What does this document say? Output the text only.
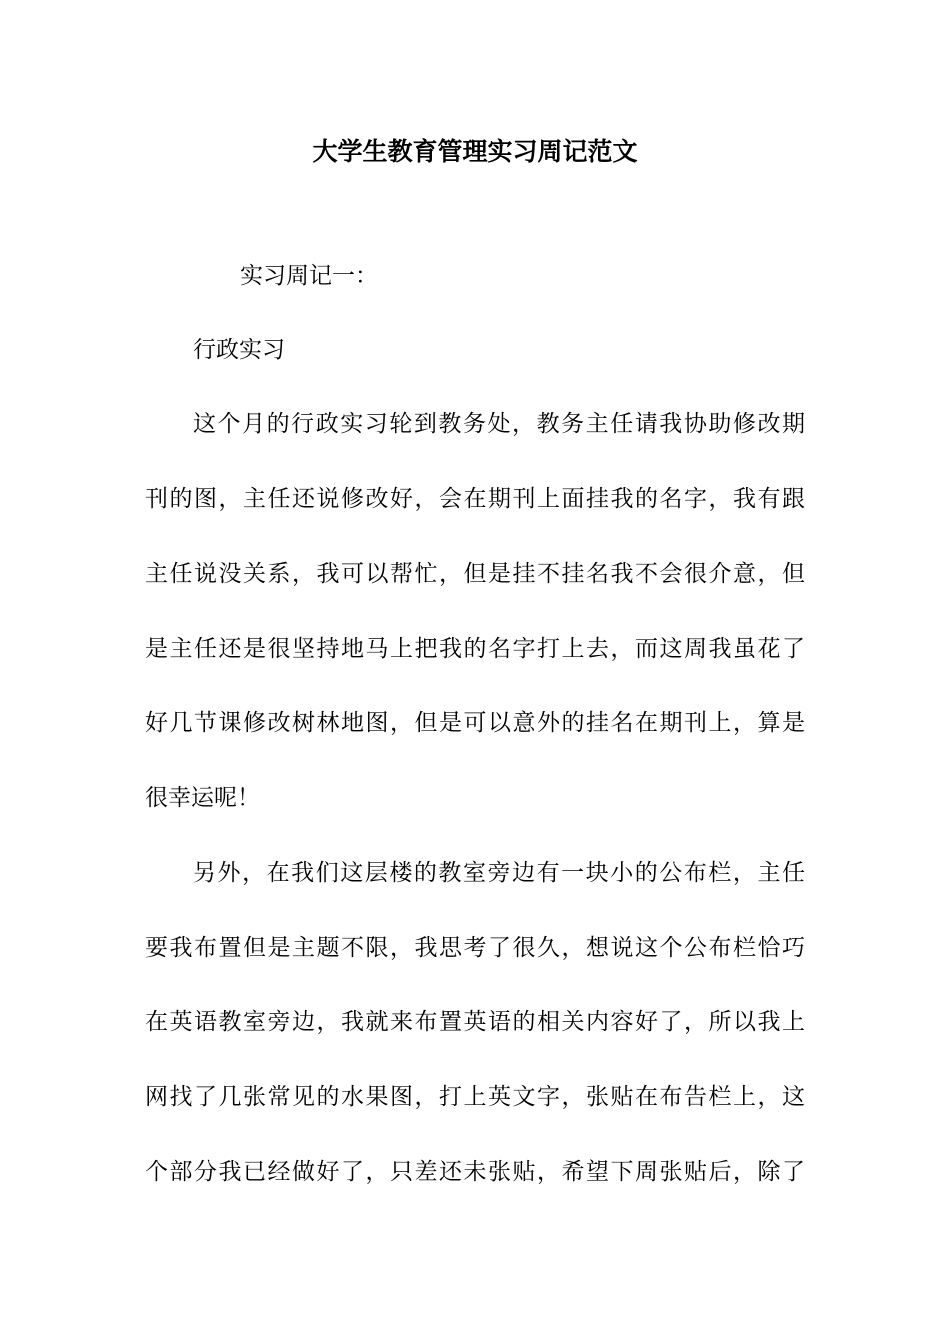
大学生教育管理实习周记范文
实习周记一：
行政实习
这个月的行政实习轮到教务处，教务主任请我协助修改期
刊的图，主任还说修改好，会在期刊上面挂我的名字，我有跟
主任说没关系，我可以帮忙，但是挂不挂名我不会很介意，但
是主任还是很坚持地马上把我的名字打上去，而这周我虽花了
好几节课修改树林地图，但是可以意外的挂名在期刊上，算是
很幸运呢！
另外，在我们这层楼的教室旁边有一块小的公布栏，主任
要我布置但是主题不限，我思考了很久，想说这个公布栏恰巧
在英语教室旁边，我就来布置英语的相关内容好了，所以我上
网找了几张常见的水果图，打上英文字，张贴在布告栏上，这
个部分我已经做好了，只差还未张贴，希望下周张贴后，除了
